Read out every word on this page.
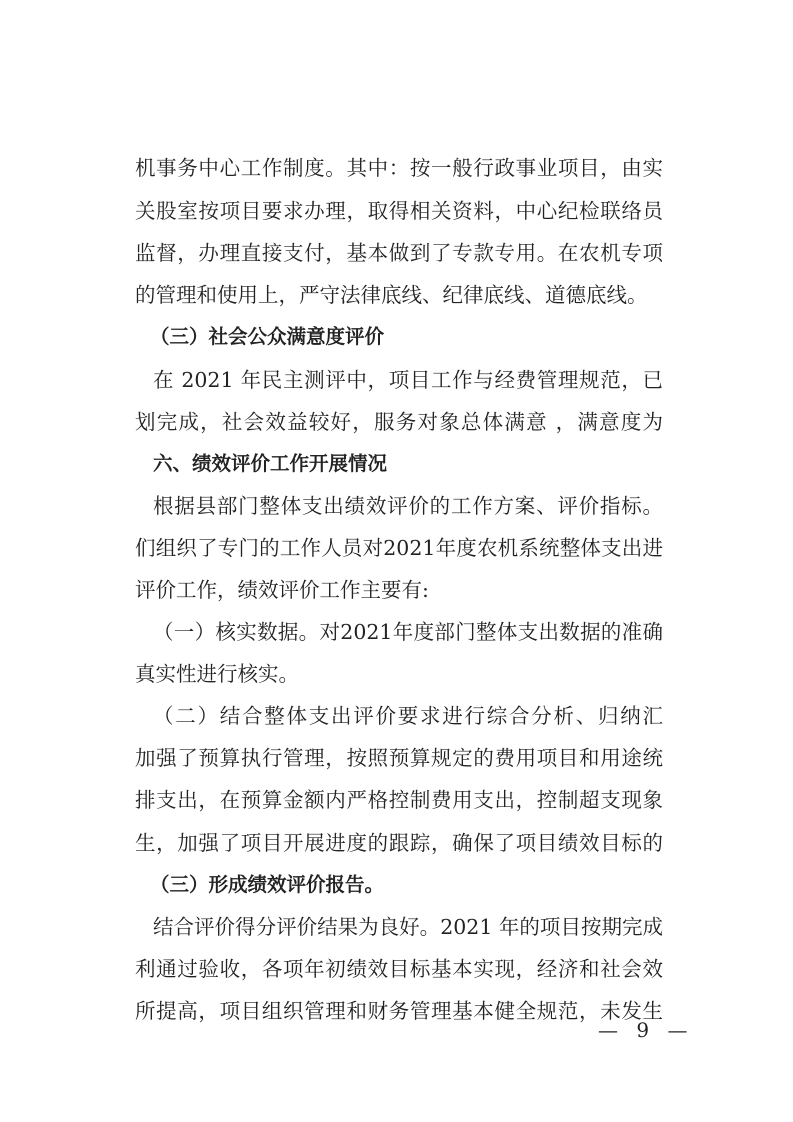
机事务中心工作制度。其中：按一般行政事业项目，由实
关股室按项目要求办理，取得相关资料，中心纪检联络员
监督，办理直接支付，基本做到了专款专用。在农机专项
的管理和使用上，严守法律底线、纪律底线、道德底线。
（三）社会公众满意度评价
在 2021 年民主测评中，项目工作与经费管理规范，已
划完成，社会效益较好，服务对象总体满意 ，满意度为
六、绩效评价工作开展情况
根据县部门整体支出绩效评价的工作方案、评价指标。
们组织了专门的工作人员对2021年度农机系统整体支出进
评价工作，绩效评价工作主要有:
（一）核实数据。对2021年度部门整体支出数据的准确
真实性进行核实。
（二）结合整体支出评价要求进行综合分析、归纳汇
加强了预算执行管理，按照预算规定的费用项目和用途统
排支出，在预算金额内严格控制费用支出，控制超支现象
生，加强了项目开展进度的跟踪，确保了项目绩效目标的
（三）形成绩效评价报告。
结合评价得分评价结果为良好。2021 年的项目按期完成
利通过验收，各项年初绩效目标基本实现，经济和社会效
所提高，项目组织管理和财务管理基本健全规范，未发生
— 9 —
